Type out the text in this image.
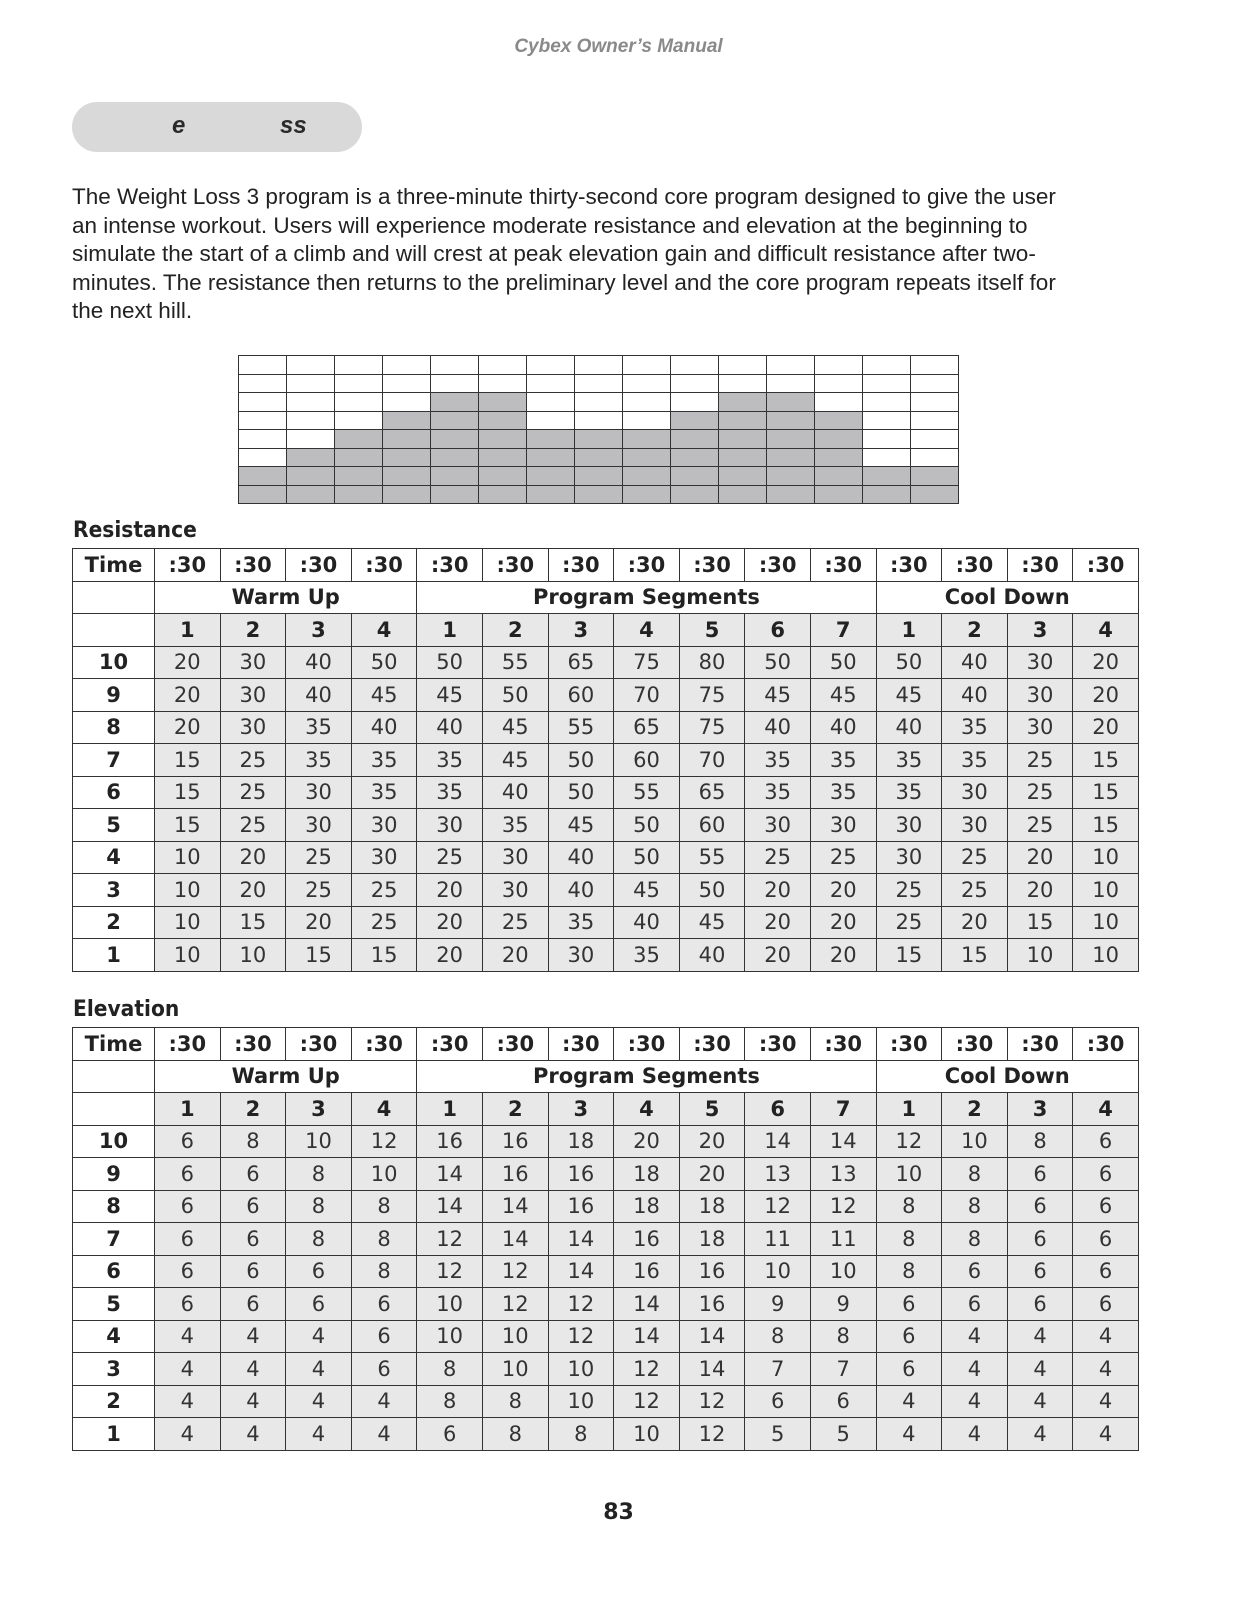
Cybex Owner’s Manual
e	ss
The Weight Loss 3 program is a three-minute thirty-second core program designed to give the user
an intense workout. Users will experience moderate resistance and elevation at the beginning to
simulate the start of a climb and will crest at peak elevation gain and difficult resistance after two-
minutes. The resistance then returns to the preliminary level and the core program repeats itself for
the next hill.

Resistance
Time	:30	:30	:30	:30	:30	:30	:30	:30	:30	:30	:30	:30	:30	:30	:30
	Warm Up				Program Segments							Cool Down			
	1	2	3	4	1	2	3	4	5	6	7	1	2	3	4
10	20	30	40	50	50	55	65	75	80	50	50	50	40	30	20
9	20	30	40	45	45	50	60	70	75	45	45	45	40	30	20
8	20	30	35	40	40	45	55	65	75	40	40	40	35	30	20
7	15	25	35	35	35	45	50	60	70	35	35	35	35	25	15
6	15	25	30	35	35	40	50	55	65	35	35	35	30	25	15
5	15	25	30	30	30	35	45	50	60	30	30	30	30	25	15
4	10	20	25	30	25	30	40	50	55	25	25	30	25	20	10
3	10	20	25	25	20	30	40	45	50	20	20	25	25	20	10
2	10	15	20	25	20	25	35	40	45	20	20	25	20	15	10
1	10	10	15	15	20	20	30	35	40	20	20	15	15	10	10
Elevation
Time	:30	:30	:30	:30	:30	:30	:30	:30	:30	:30	:30	:30	:30	:30	:30
	Warm Up				Program Segments							Cool Down			
	1	2	3	4	1	2	3	4	5	6	7	1	2	3	4
10	6	8	10	12	16	16	18	20	20	14	14	12	10	8	6
9	6	6	8	10	14	16	16	18	20	13	13	10	8	6	6
8	6	6	8	8	14	14	16	18	18	12	12	8	8	6	6
7	6	6	8	8	12	14	14	16	18	11	11	8	8	6	6
6	6	6	6	8	12	12	14	16	16	10	10	8	6	6	6
5	6	6	6	6	10	12	12	14	16	9	9	6	6	6	6
4	4	4	4	6	10	10	12	14	14	8	8	6	4	4	4
3	4	4	4	6	8	10	10	12	14	7	7	6	4	4	4
2	4	4	4	4	8	8	10	12	12	6	6	4	4	4	4
1	4	4	4	4	6	8	8	10	12	5	5	4	4	4	4
83
